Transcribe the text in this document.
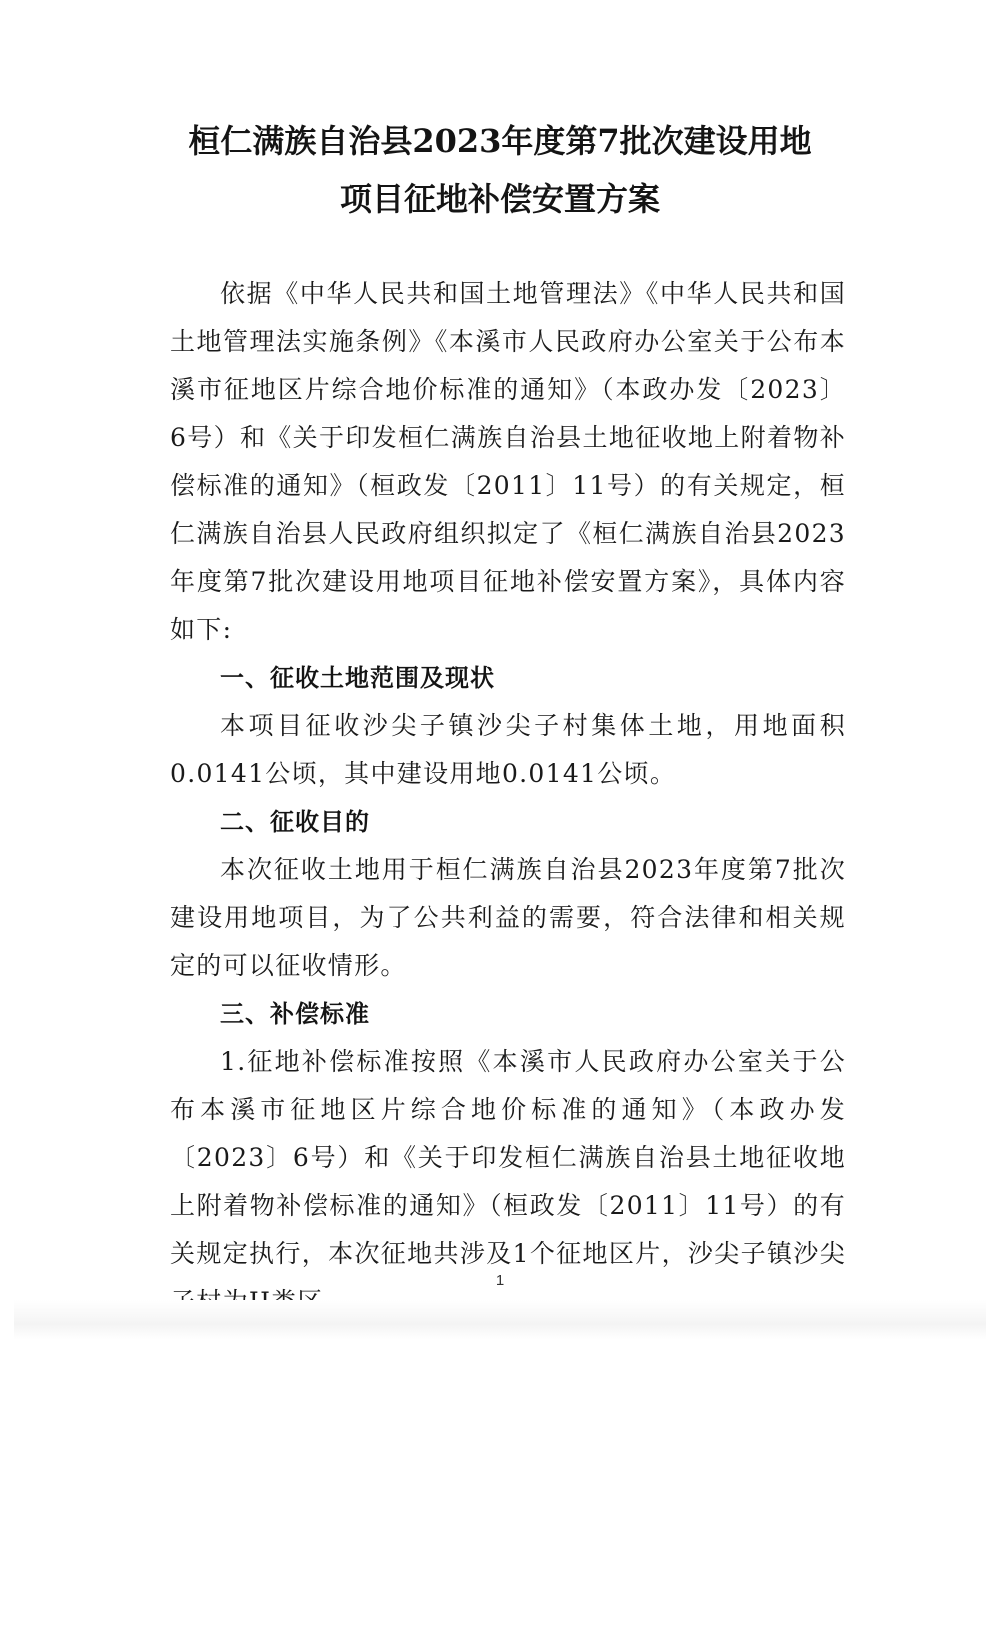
桓仁满族自治县2023年度第7批次建设用地
项目征地补偿安置方案

依据《中华人民共和国土地管理法》《中华人民共和国土地管理法实施条例》《本溪市人民政府办公室关于公布本溪市征地区片综合地价标准的通知》（本政办发〔2023〕6号）和《关于印发桓仁满族自治县土地征收地上附着物补偿标准的通知》（桓政发〔2011〕11号）的有关规定，桓仁满族自治县人民政府组织拟定了《桓仁满族自治县2023年度第7批次建设用地项目征地补偿安置方案》，具体内容如下:

一、征收土地范围及现状

本项目征收沙尖子镇沙尖子村集体土地，用地面积0.0141公顷，其中建设用地0.0141公顷。

二、征收目的

本次征收土地用于桓仁满族自治县2023年度第7批次建设用地项目，为了公共利益的需要，符合法律和相关规定的可以征收情形。

三、补偿标准

1.征地补偿标准按照《本溪市人民政府办公室关于公布本溪市征地区片综合地价标准的通知》（本政办发〔2023〕6号）和《关于印发桓仁满族自治县土地征收地上附着物补偿标准的通知》（桓政发〔2011〕11号）的有关规定执行，本次征地共涉及1个征地区片，沙尖子镇沙尖

1
